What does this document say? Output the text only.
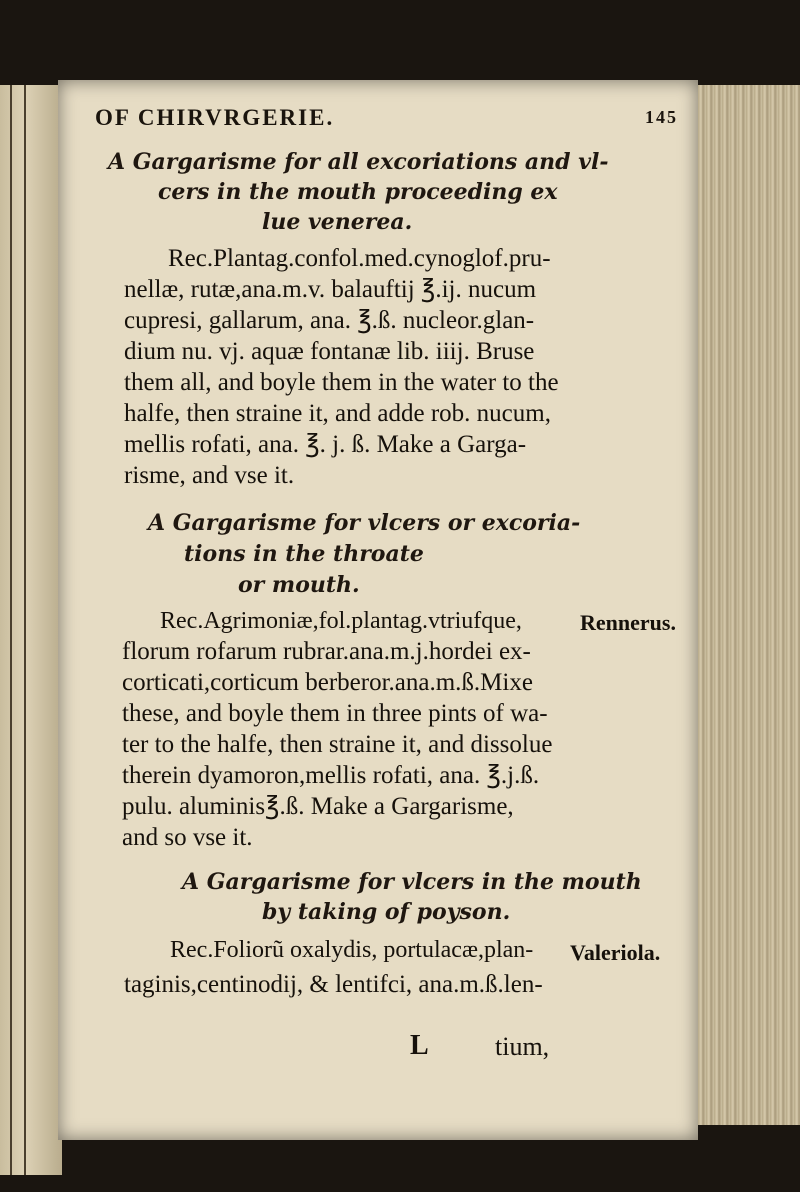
OF CHIRVRGERIE.	145
A Gargarisme for all excoriations and vl-
cers in the mouth proceeding ex
lue venerea.
Rec.Plantag.confol.med.cynoglof.pru-
nellæ, rutæ,ana.m.v. balauftij ℥.ij. nucum
cupresi, gallarum, ana. ℥.ß. nucleor.glan-
dium nu. vj. aquæ fontanæ lib. iiij. Bruse
them all, and boyle them in the water to the
halfe, then straine it, and adde rob. nucum,
mellis rofati, ana. ℥. j. ß. Make a Garga-
risme, and vse it.
A Gargarisme for vlcers or excoria-
tions in the throate
or mouth.
Rec.Agrimoniæ,fol.plantag.vtriufque,	Rennerus.
florum rofarum rubrar.ana.m.j.hordei ex-
corticati,corticum berberor.ana.m.ß.Mixe
these, and boyle them in three pints of wa-
ter to the halfe, then straine it, and dissolue
therein dyamoron,mellis rofati, ana. ℥.j.ß.
pulu. aluminis℥.ß. Make a Gargarisme,
and so vse it.
A Gargarisme for vlcers in the mouth
by taking of poyson.
Rec.Foliorũ oxalydis, portulacæ,plan- Valeriola.
taginis,centinodij, & lentifci, ana.m.ß.len-
L	tium,
